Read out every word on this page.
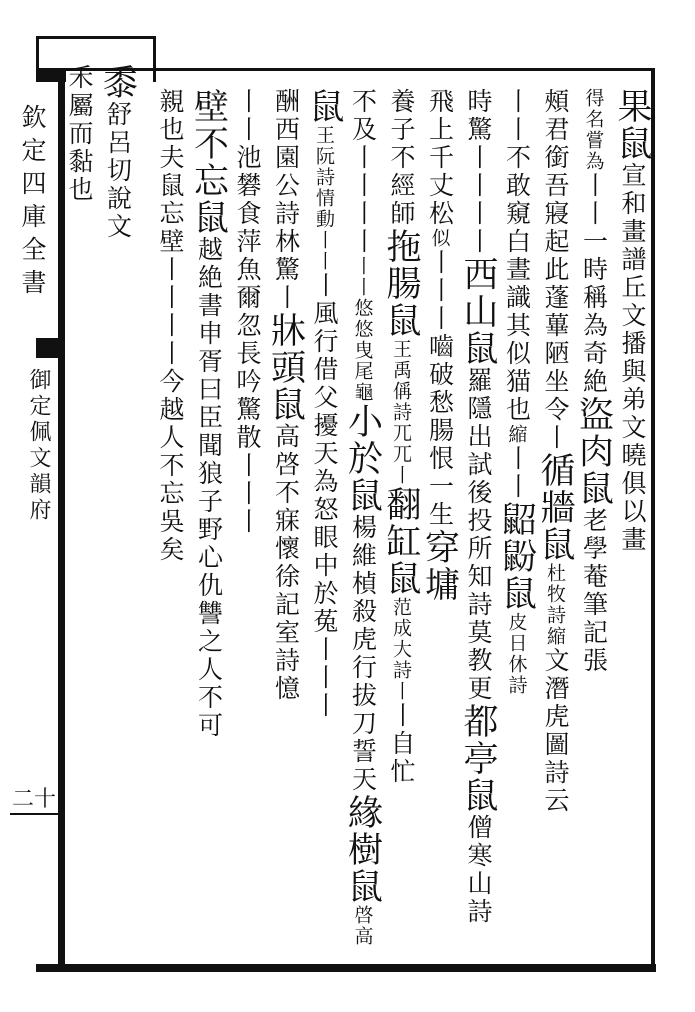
欽定四庫全書
御定佩文韻府
二十
果鼠宣和畫譜丘文播與弟文曉俱以畫
得名嘗為丨丨一時稱為奇絶盜肉鼠老學菴筆記張
頰君銜吾寢起此蓬蓽陋坐令丨循牆鼠杜牧詩縮文潛虎圖詩云
丨丨不敢窺白晝識其似猫也縮丨丨鼦鼢鼠皮日休詩
時驚丨丨丨丨西山鼠羅隱出試後投所知詩莫教更都亭鼠僧寒山詩
飛上千丈松似丨丨丨嚙破愁腸恨一生穿墉
養子不經師拖腸鼠王禹偁詩兀兀丨翻缸鼠范成大詩丨丨自忙
不及丨丨丨丨丨丨悠悠曳尾龜小於鼠楊維楨殺虎行拔刀誓天緣樹鼠啓高
鼠王阮詩情動丨丨丨風行借父擾天為怒眼中於菟丨丨丨
酬西園公詩林驚丨牀頭鼠高啓不寐懷徐記室詩憶
丨丨池礬食萍魚爾忽長吟驚散丨丨丨
壁不忘鼠越絶書申胥曰臣聞狼子野心仇讐之人不可
親也夫鼠忘壁丨丨丨丨今越人不忘吳矣
黍舒呂切說文
禾屬而黏也
